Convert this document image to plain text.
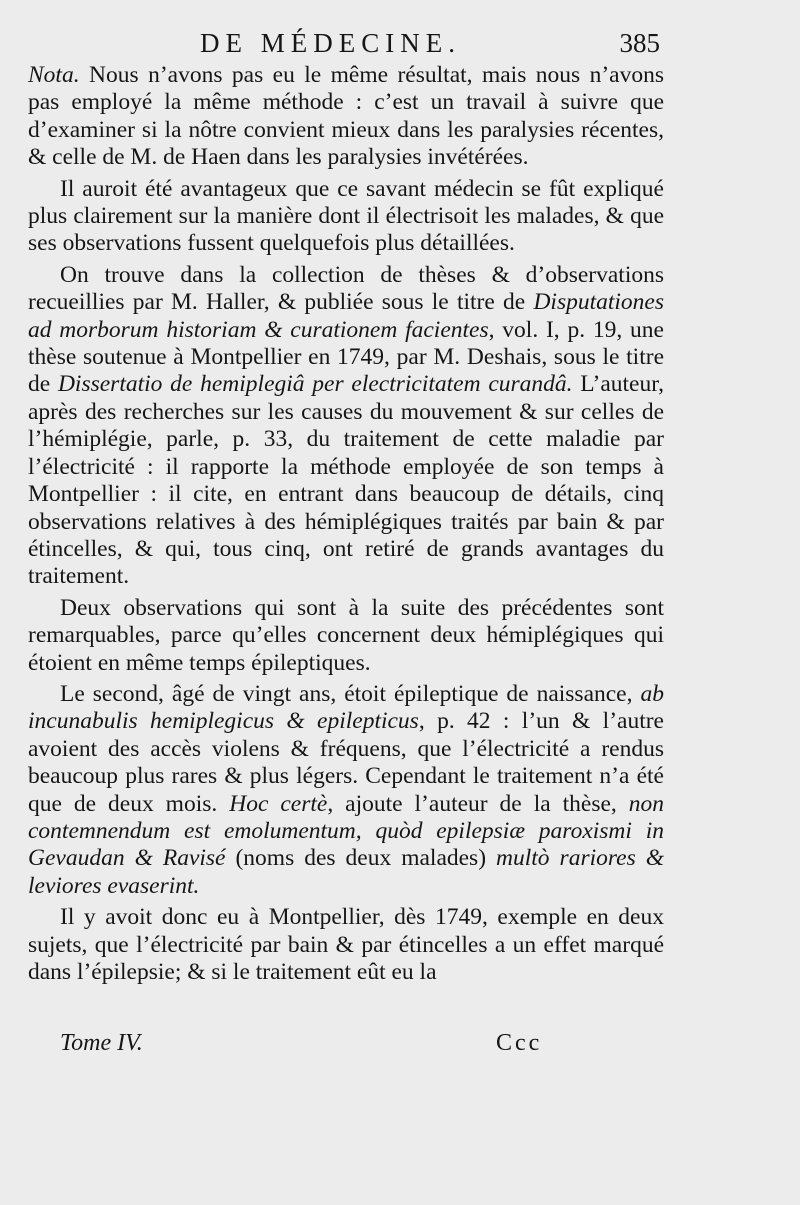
DE MÉDECINE.	385

Nota. Nous n’avons pas eu le même résultat, mais nous n’avons pas employé la même méthode : c’est un travail à suivre que d’examiner si la nôtre convient mieux dans les paralysies récentes, & celle de M. de Haen dans les paralysies invétérées.

Il auroit été avantageux que ce savant médecin se fût expliqué plus clairement sur la manière dont il électrisoit les malades, & que ses observations fussent quelquefois plus détaillées.

On trouve dans la collection de thèses & d’observations recueillies par M. Haller, & publiée sous le titre de Disputationes ad morborum historiam & curationem facientes, vol. I, p. 19, une thèse soutenue à Montpellier en 1749, par M. Deshais, sous le titre de Dissertatio de hemiplegiâ per electricitatem curandâ. L’auteur, après des recherches sur les causes du mouvement & sur celles de l’hémiplégie, parle, p. 33, du traitement de cette maladie par l’électricité : il rapporte la méthode employée de son temps à Montpellier : il cite, en entrant dans beaucoup de détails, cinq observations relatives à des hémiplégiques traités par bain & par étincelles, & qui, tous cinq, ont retiré de grands avantages du traitement.

Deux observations qui sont à la suite des précédentes sont remarquables, parce qu’elles concernent deux hémiplégiques qui étoient en même temps épileptiques.

Le second, âgé de vingt ans, étoit épileptique de naissance, ab incunabulis hemiplegicus & epilepticus, p. 42 : l’un & l’autre avoient des accès violens & fréquens, que l’électricité a rendus beaucoup plus rares & plus légers. Cependant le traitement n’a été que de deux mois. Hoc certè, ajoute l’auteur de la thèse, non contemnendum est emolumentum, quòd epilepsiæ paroxismi in Gevaudan & Ravisé (noms des deux malades) multò rariores & leviores evaserint.

Il y avoit donc eu à Montpellier, dès 1749, exemple en deux sujets, que l’électricité par bain & par étincelles a un effet marqué dans l’épilepsie; & si le traitement eût eu la

Tome IV.	Ccc
